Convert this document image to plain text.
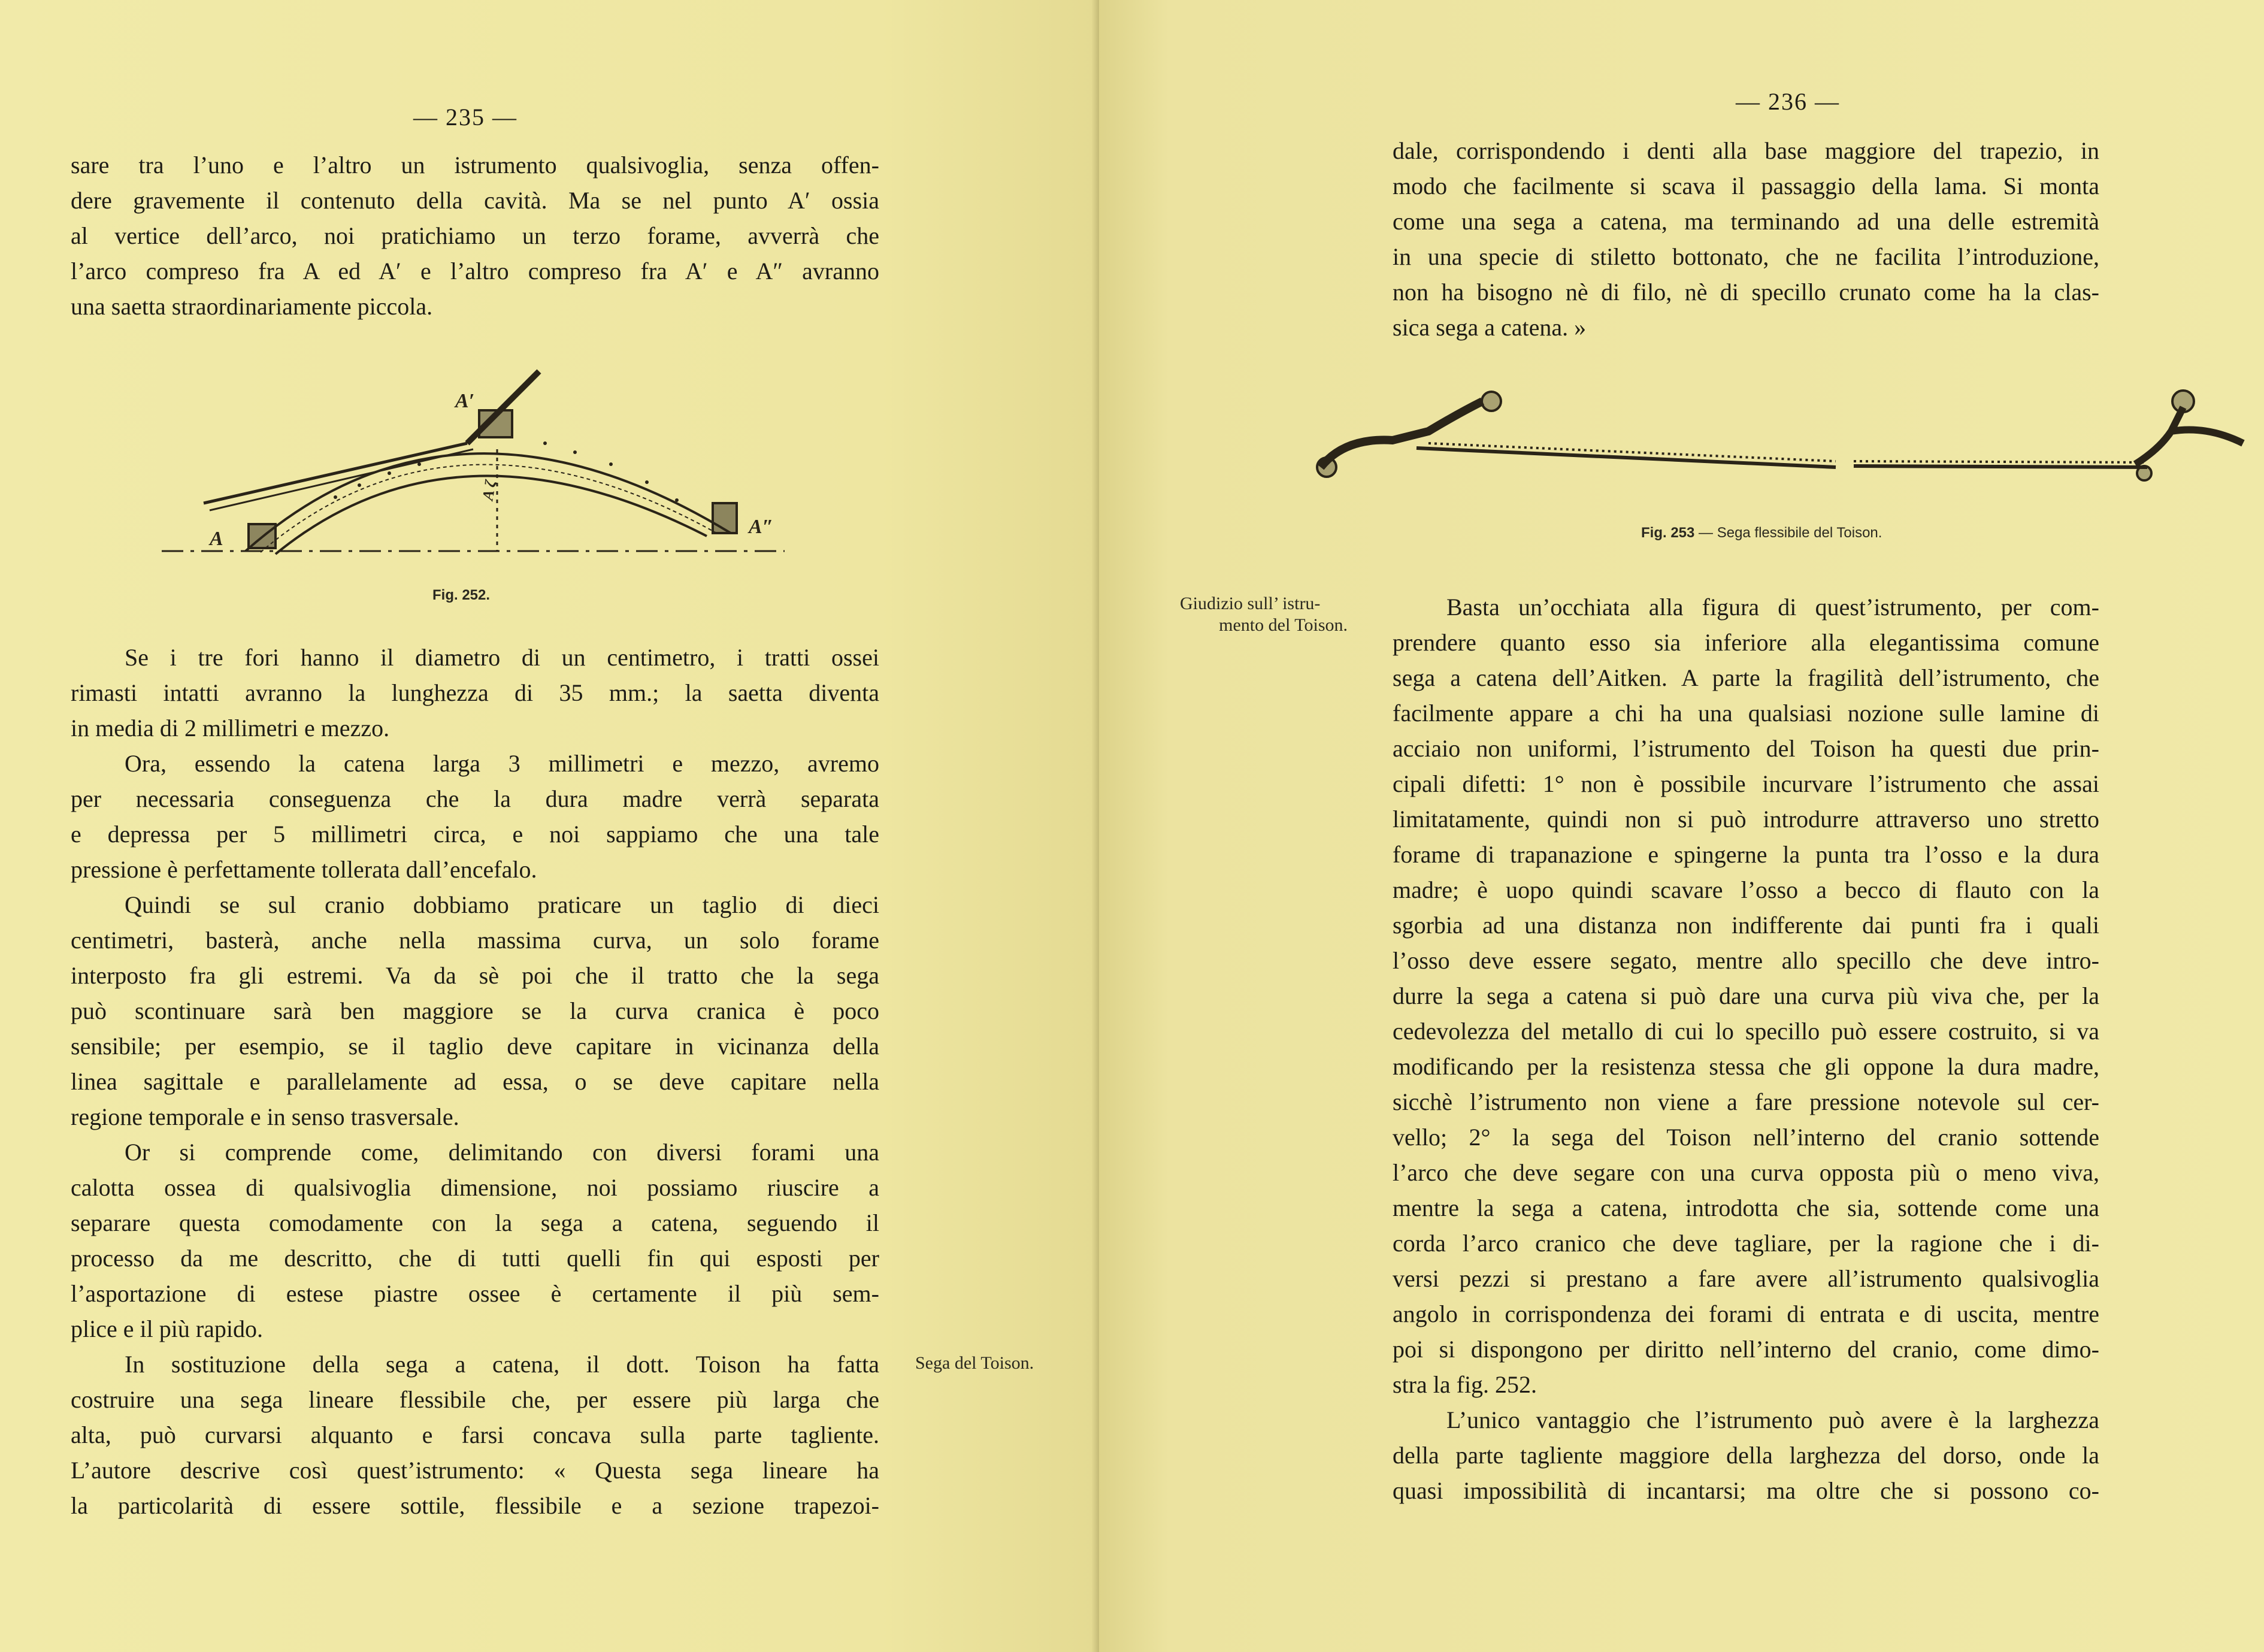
— 235 —

sare tra l’uno e l’altro un istrumento qualsivoglia, senza offen-

dere gravemente il contenuto della cavità. Ma se nel punto A′ ossia

al vertice dell’arco, noi pratichiamo un terzo forame, avverrà che

l’arco compreso fra A ed A′ e l’altro compreso fra A′ e A″ avranno

una saetta straordinariamente piccola.

A
A′
A″
A ζ
Fig. 252.

Se i tre fori hanno il diametro di un centimetro, i tratti ossei

rimasti intatti avranno la lunghezza di 35 mm.; la saetta diventa

in media di 2 millimetri e mezzo.

Ora, essendo la catena larga 3 millimetri e mezzo, avremo

per necessaria conseguenza che la dura madre verrà separata

e depressa per 5 millimetri circa, e noi sappiamo che una tale

pressione è perfettamente tollerata dall’encefalo.

Quindi se sul cranio dobbiamo praticare un taglio di dieci

centimetri, basterà, anche nella massima curva, un solo forame

interposto fra gli estremi. Va da sè poi che il tratto che la sega

può scontinuare sarà ben maggiore se la curva cranica è poco

sensibile; per esempio, se il taglio deve capitare in vicinanza della

linea sagittale e parallelamente ad essa, o se deve capitare nella

regione temporale e in senso trasversale.

Or si comprende come, delimitando con diversi forami una

calotta ossea di qualsivoglia dimensione, noi possiamo riuscire a

separare questa comodamente con la sega a catena, seguendo il

processo da me descritto, che di tutti quelli fin qui esposti per

l’asportazione di estese piastre ossee è certamente il più sem-

plice e il più rapido.

In sostituzione della sega a catena, il dott. Toison ha fatta

costruire una sega lineare flessibile che, per essere più larga che

alta, può curvarsi alquanto e farsi concava sulla parte tagliente.

L’autore descrive così quest’istrumento: « Questa sega lineare ha

la particolarità di essere sottile, flessibile e a sezione trapezoi-

Sega del Toison.
— 236 —

dale, corrispondendo i denti alla base maggiore del trapezio, in

modo che facilmente si scava il passaggio della lama. Si monta

come una sega a catena, ma terminando ad una delle estremità

in una specie di stiletto bottonato, che ne facilita l’introduzione,

non ha bisogno nè di filo, nè di specillo crunato come ha la clas-

sica sega a catena. »

Fig. 253 — Sega flessibile del Toison.
Giudizio sull’ istru-
mento del Toison.

Basta un’occhiata alla figura di quest’istrumento, per com-

prendere quanto esso sia inferiore alla elegantissima comune

sega a catena dell’Aitken. A parte la fragilità dell’istrumento, che

facilmente appare a chi ha una qualsiasi nozione sulle lamine di

acciaio non uniformi, l’istrumento del Toison ha questi due prin-

cipali difetti: 1° non è possibile incurvare l’istrumento che assai

limitatamente, quindi non si può introdurre attraverso uno stretto

forame di trapanazione e spingerne la punta tra l’osso e la dura

madre; è uopo quindi scavare l’osso a becco di flauto con la

sgorbia ad una distanza non indifferente dai punti fra i quali

l’osso deve essere segato, mentre allo specillo che deve intro-

durre la sega a catena si può dare una curva più viva che, per la

cedevolezza del metallo di cui lo specillo può essere costruito, si va

modificando per la resistenza stessa che gli oppone la dura madre,

sicchè l’istrumento non viene a fare pressione notevole sul cer-

vello; 2° la sega del Toison nell’interno del cranio sottende

l’arco che deve segare con una curva opposta più o meno viva,

mentre la sega a catena, introdotta che sia, sottende come una

corda l’arco cranico che deve tagliare, per la ragione che i di-

versi pezzi si prestano a fare avere all’istrumento qualsivoglia

angolo in corrispondenza dei forami di entrata e di uscita, mentre

poi si dispongono per diritto nell’interno del cranio, come dimo-

stra la fig. 252.

L’unico vantaggio che l’istrumento può avere è la larghezza

della parte tagliente maggiore della larghezza del dorso, onde la

quasi impossibilità di incantarsi; ma oltre che si possono co-
